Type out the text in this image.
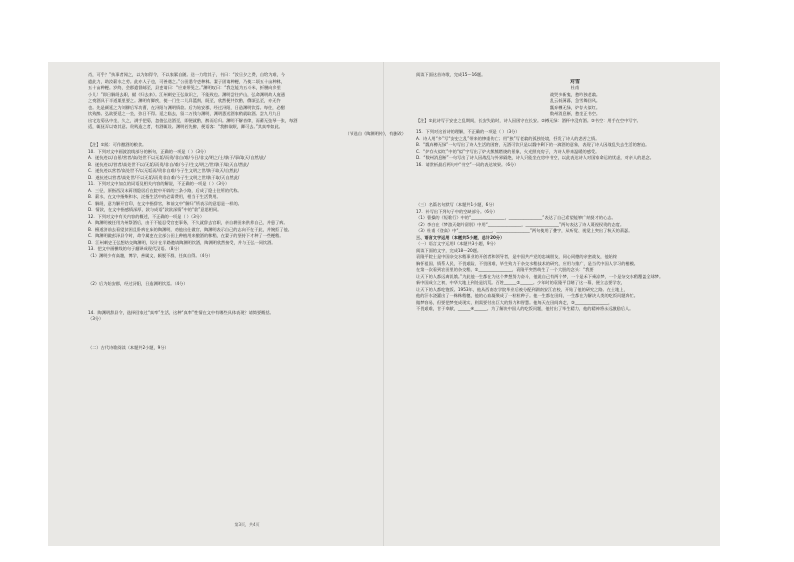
肖，可乎？”执事者闻之，以为如得令，不以家累自随。送一力给其子，书曰：“汝旦夕之费，自给为难，今
遣此力，助汝薪水之劳。此亦人子也，可善遇之。”公田悉令吏种秫。妻子固请种粳，乃使二顷五十亩种秫，
五十亩种粳。岁终，会郡遣督邮至，县吏请曰：“应束带见之。”渊明叹曰：“我岂能为五斗米，折腰向乡里
小儿！”即日解绶去职，赋《归去来》。江州刺史王弘欲识之，不能致也。渊明尝往庐山，弘命渊明故人庞通
之赍酒具于半道栗里要之。渊明有脚疾，使一门生二儿舁篮舆，既至，欣然便共饮酌，俄顷弘至，亦无忤
也。先是颜延之为刘柳后军功曹，在浔阳与渊明情款。后为始安郡，经过浔阳，日造渊明饮焉。每往，必酣
饮致醉。弘欲要延之一坐，弥日不得。延之临去，留二万钱与渊明，渊明悉送酒家稍就取酒。尝九月九日
出宅边菊丛中坐，久之，满手把菊，忽值弘送酒至，即便就酌，醉而后归。渊明不解音律，而蓄无弦琴一张，每酒
适，辄抚弄以寄其意。贵贱造之者，有酒辄设。渊明若先醉，便语客：“我醉欲眠，卿可去。”其真率如此。
（节选自《陶渊明传》，有删改）
【注】①蹊：可作酿酒的粮食。
10．下列对文中画波浪线部分的断句，正确的一项是（ ）（3分）
A．遂抗迹以/自景/营者/高/处世不以无垢/而贵/非自/难/今日/非文/明之/士/孰于/事/取天/自然/此/
B．遂抗迹以/营者/高处世不以/无垢/而贵/非自/难/今子/生文/明之/世/孰于/取天自/然此/
C．遂抗迹以营者/高处世不/以无垢而/贵非自难/今子生文明之世/孰于取天/自然此/
D．遂抗迹以营者/高处世/不以无垢/而贵非自难/今子生文明之世/孰于取/天自然此/
11．下列对文中加点的词语及相关内容的解说，不正确的一项是（ ）（3分）
A．三径，原指西汉末蒋诩隐居后在院中开辟的三条小路，后成了隐士住所的代称。
B．薪水，在文中指柴和水，泛指生活中的必需费用，相当于生活费用。
C．解绶，意为解开官印，在文中指辞官，和前文中“解归”所表示的意思是一样的。
D．情款，在文中指感情深厚，款与成语“款款深情”中的“款”意思相同。
12．下列对文中有关内容的概述，不正确的一项是（ ）（3分）
A．陶渊明被任用为州祭酒后，由于不能忍受官吏事务，不久就辞去官职，亲自耕田来供养自己，并患了病。
B．檀道济前去看望贫困且卧病在床的陶渊明，劝他出仕做官，陶渊明表示自己的志向不在于此，并婉拒了他。
C．陶渊明做彭泽县令时，命令属吏在全部公田上种植用来酿酒的秫稻，在妻子的坚持下才种了一些粳稻。
D．江州刺史王弘想结交陶渊明，设计在半路邀请陶渊明饮酒，陶渊明欣然接受，并与王弘一同饮酒。
13．把文中画横线的句子翻译成现代汉语。（8分）
（1）渊明少有高趣，博学，善属文，颖脱不群，任真自得。（4分）
（2）后为始安郡，经过浔阳，日造渊明饮焉。（4分）
14．陶渊明辞县令，选择回家过“真率”生活，这种“真率”性情在文中有哪些具体表现？请简要概括。
（3分）
（二）古代诗歌阅读（本题共2小题，9分）
第3页，共4页
阅读下面这首诗歌，完成15～16题。
对雪
杜甫
战哭多新鬼，愁吟独老翁。
乱云低薄暮，急雪舞回风。
瓢弃樽无绿，炉存火似红。
数州消息断，愁坐正书空。
【注】①此诗写于安史之乱期间，长安失陷时，诗人因困守在长安。②樽无绿：酒杯中没有酒。③书空：用手在空中写字。
15．下列对这首诗的理解，不正确的一项是（ ）（3分）
A．诗人用“多”写“安史之乱”带来的惨重伤亡；用“独”写老翁的孤独处境，抒发了诗人的悲苦之情。
B．“瓢弃樽无绿”一句写出了诗人生活的困窘，无酒可饮只是以瓢中剩下的一滴酒的意象，表现了诗人因战乱失去生活的窘迫。
C．“炉存火似红”中的“似”字写出了炉火熊熊燃烧的景象，火光照亮房子，为诗人带来温暖的感受。
D．“数州消息断”一句写出了诗人因战乱与外界隔绝，诗人只能坐在房中书空，以此表达诗人对国家命运的忧虑，对亲人的思念。
16．请赏析最后两句中“书空”一词的表达效果。（6分）
（三）名篇名句默写（本题共1小题，6分）
17．补写出下列句子中的空缺部分。（6分）
（1）曹操的《短歌行》中的“________________，________________”表达了自己希望能够广纳贤才的心志。
（2）李白在《梦游天姥吟留别》中用“________________，________________”两句表达了诗人蔑视权贵的态度。
（3）杜甫《登高》中“________________，________________”两句使用了叠字，从听觉、视觉上突出了秋天的萧瑟。
三、语言文字运用（本题共5小题，总计20分）
（一）语言文字运用Ⅰ（本题共3小题，9分）
阅读下面的文字，完成18～20题。
袁隆平院士是中国杂交水稻事业的开创者和领导者，是中国共产党的忠诚朋友，同心同德的亲密战友，他始终
胸怀祖国、情系人民，不畏艰险、不畏困难，毕生致力于杂交水稻技术的研究、应用与推广，是当代中国人学习的楷模。
在第一次看到农田里的杂交稻，①________________，袁隆平突然萌生了一个大胆的念头：“我要
让天下的人都远离饥饿。”为此他一生都在为这个梦想努力奋斗，他说自己有两个梦，一个是禾下乘凉梦，一个是杂交水稻覆盖全球梦。
新中国成立之初，中华大地上到处是饥荒。百姓______②______。少年时的袁隆平目睹了这一幕，便立志要学农，
让天下的人都吃饱饭。1953年，他从西南农学院毕业后被分配到湖南安江农校，开始了他的研究之路。在土地上，
他的汗水浇灌出了一株株稻穗，他的心血凝聚成了一粒粒种子。他一生都在田间，一生都在为解决人类的吃饭问题奔忙。
做梦容易，但要把梦变成现实，则需要付出巨大的努力和智慧。他每天在田间奔走，③________________，
不畏艰难，甘于奉献，______④______。为了解决中国人的吃饭问题，他付出了毕生精力，他的精神将永远激励后人。
